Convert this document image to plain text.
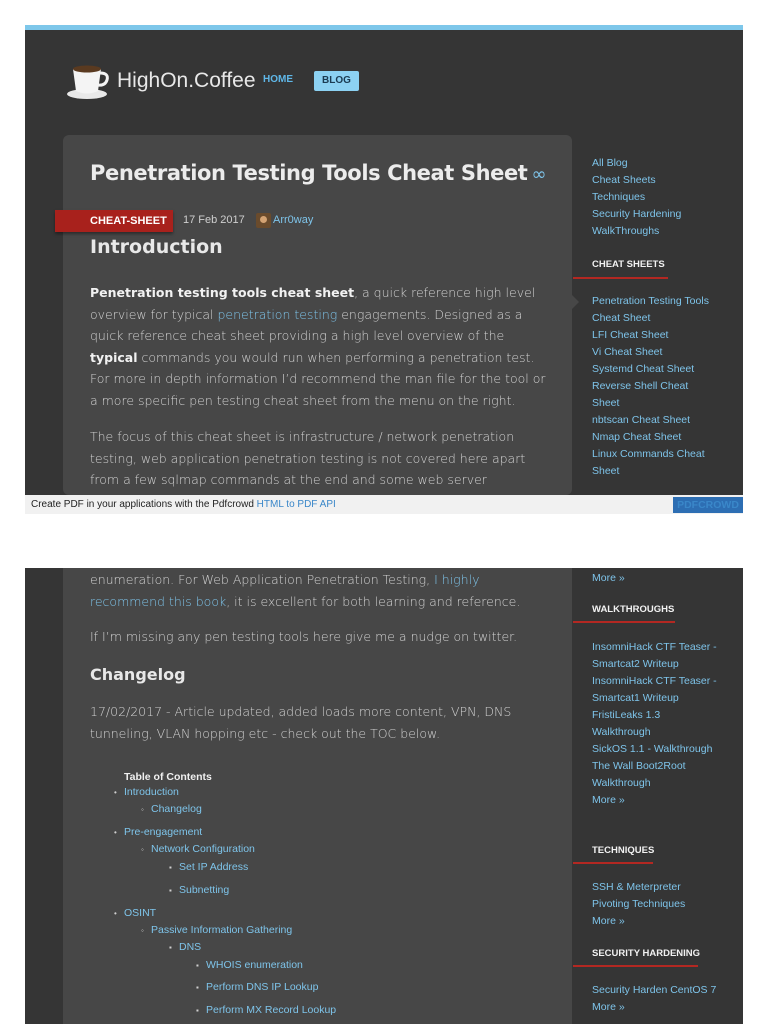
HighOn.Coffee HOME	BLOG
Penetration Testing Tools Cheat Sheet ∞
CHEAT-SHEET	17 Feb 2017	Arr0way
Introduction
Penetration testing tools cheat sheet, a quick reference high level overview for typical penetration testing engagements. Designed as a quick reference cheat sheet providing a high level overview of the typical commands you would run when performing a penetration test. For more in depth information I’d recommend the man file for the tool or a more specific pen testing cheat sheet from the menu on the right.
The focus of this cheat sheet is infrastructure / network penetration testing, web application penetration testing is not covered here apart from a few sqlmap commands at the end and some web server
All Blog
Cheat Sheets
Techniques
Security Hardening
WalkThroughs
CHEAT SHEETS
Penetration Testing Tools Cheat Sheet
LFI Cheat Sheet
Vi Cheat Sheet
Systemd Cheat Sheet
Reverse Shell Cheat Sheet
nbtscan Cheat Sheet
Nmap Cheat Sheet
Linux Commands Cheat Sheet
Create PDF in your applications with the Pdfcrowd HTML to PDF API	PDFCROWD
enumeration. For Web Application Penetration Testing, I highly recommend this book, it is excellent for both learning and reference.
If I’m missing any pen testing tools here give me a nudge on twitter.
Changelog
17/02/2017 - Article updated, added loads more content, VPN, DNS tunneling, VLAN hopping etc - check out the TOC below.
Table of Contents
• Introduction
◦ Changelog
• Pre-engagement
◦ Network Configuration
▪ Set IP Address
▪ Subnetting
• OSINT
◦ Passive Information Gathering
▪ DNS
▪ WHOIS enumeration
▪ Perform DNS IP Lookup
▪ Perform MX Record Lookup
More »
WALKTHROUGHS
InsomniHack CTF Teaser - Smartcat2 Writeup
InsomniHack CTF Teaser - Smartcat1 Writeup
FristiLeaks 1.3 Walkthrough
SickOS 1.1 - Walkthrough
The Wall Boot2Root Walkthrough
More »
TECHNIQUES
SSH & Meterpreter Pivoting Techniques
More »
SECURITY HARDENING
Security Harden CentOS 7
More »
